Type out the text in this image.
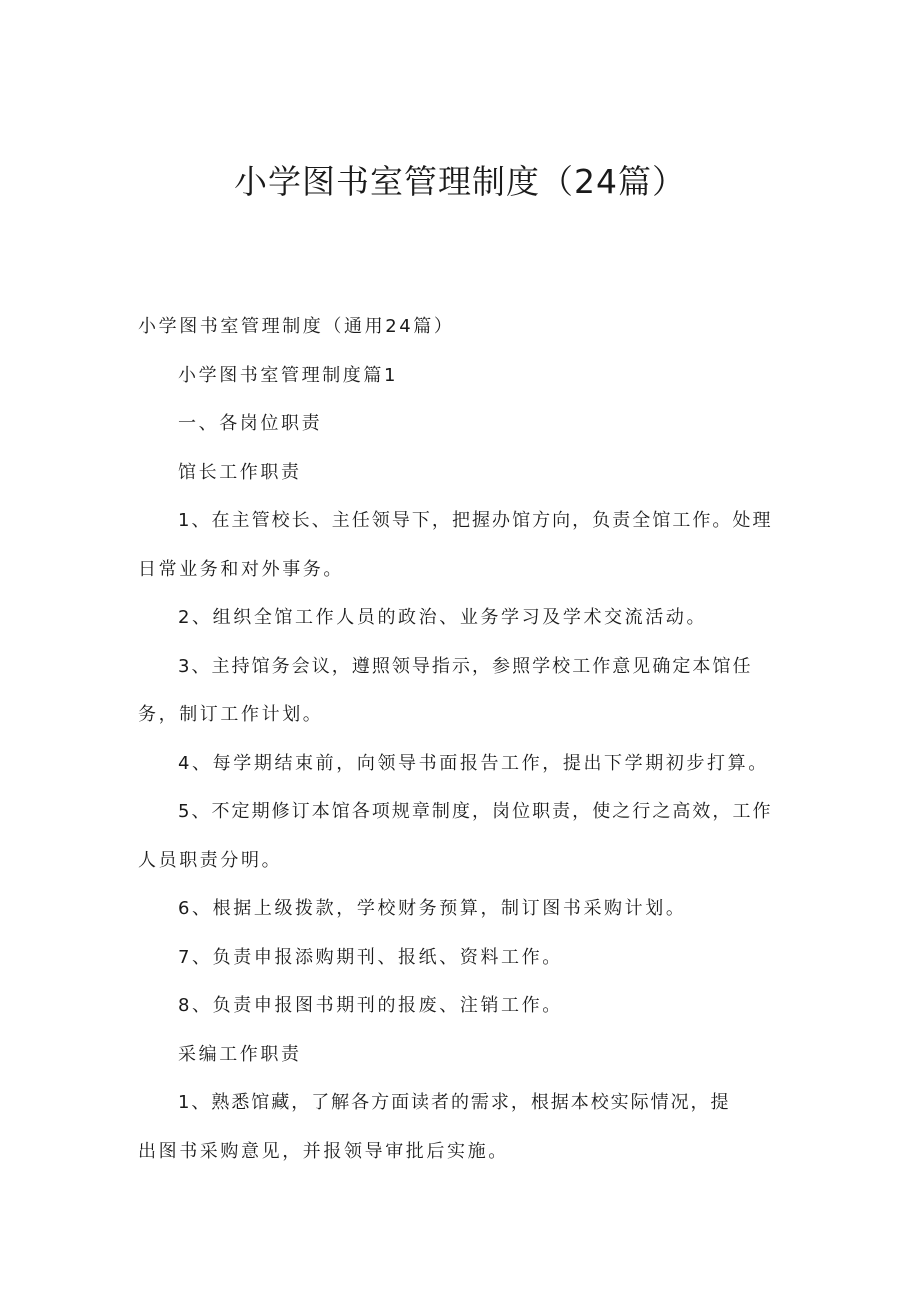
小学图书室管理制度（24篇）

小学图书室管理制度（通用24篇）

小学图书室管理制度篇1

一、各岗位职责

馆长工作职责

1、在主管校长、主任领导下，把握办馆方向，负责全馆工作。处理

日常业务和对外事务。

2、组织全馆工作人员的政治、业务学习及学术交流活动。

3、主持馆务会议，遵照领导指示，参照学校工作意见确定本馆任

务，制订工作计划。

4、每学期结束前，向领导书面报告工作，提出下学期初步打算。

5、不定期修订本馆各项规章制度，岗位职责，使之行之高效，工作

人员职责分明。

6、根据上级拨款，学校财务预算，制订图书采购计划。

7、负责申报添购期刊、报纸、资料工作。

8、负责申报图书期刊的报废、注销工作。

采编工作职责

1、熟悉馆藏，了解各方面读者的需求，根据本校实际情况，提

出图书采购意见，并报领导审批后实施。
